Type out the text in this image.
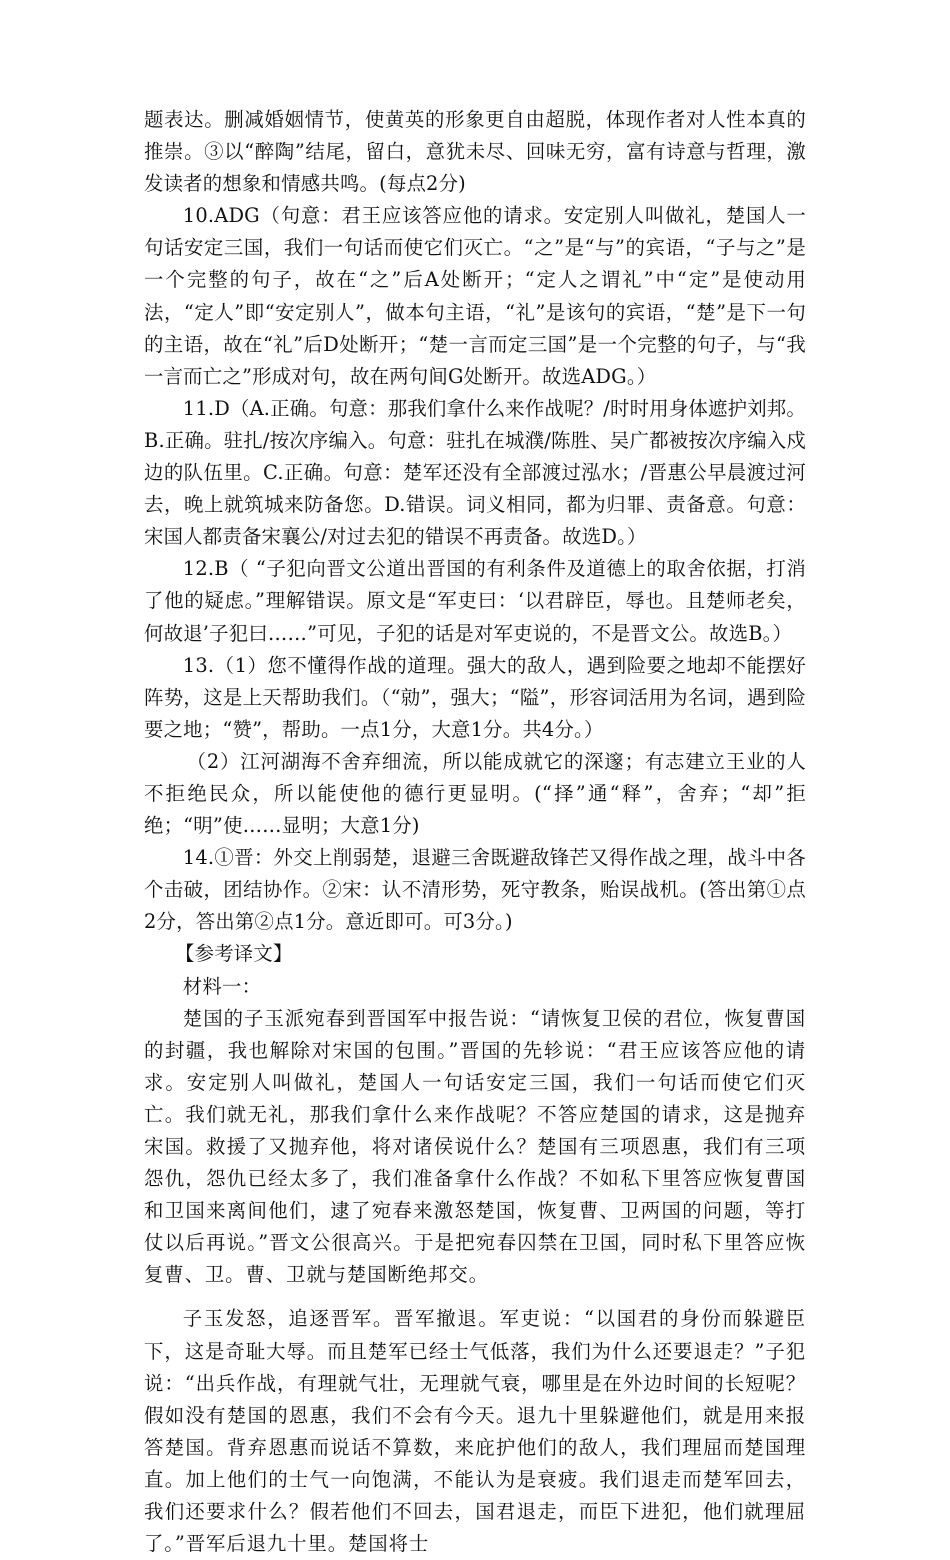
题表达。删减婚姻情节，使黄英的形象更自由超脱，体现作者对人性本真的推崇。③以“醉陶”结尾，留白，意犹未尽、回味无穷，富有诗意与哲理，激发读者的想象和情感共鸣。(每点2分)

10.ADG（句意：君王应该答应他的请求。安定别人叫做礼，楚国人一句话安定三国，我们一句话而使它们灭亡。“之”是“与”的宾语，“子与之”是一个完整的句子，故在“之”后A处断开；“定人之谓礼”中“定”是使动用法，“定人”即“安定别人”，做本句主语，“礼”是该句的宾语，“楚”是下一句的主语，故在“礼”后D处断开；“楚一言而定三国”是一个完整的句子，与“我一言而亡之”形成对句，故在两句间G处断开。故选ADG。）

11.D（A.正确。句意：那我们拿什么来作战呢？/时时用身体遮护刘邦。B.正确。驻扎/按次序编入。句意：驻扎在城濮/陈胜、吴广都被按次序编入戍边的队伍里。C.正确。句意：楚军还没有全部渡过泓水；/晋惠公早晨渡过河去，晚上就筑城来防备您。D.错误。词义相同，都为归罪、责备意。句意：宋国人都责备宋襄公/对过去犯的错误不再责备。故选D。）

12.B（ “子犯向晋文公道出晋国的有利条件及道德上的取舍依据，打消了他的疑虑。”理解错误。原文是“军吏曰：‘以君辟臣，辱也。且楚师老矣，何故退’子犯曰……”可见，子犯的话是对军吏说的，不是晋文公。故选B。）

13.（1）您不懂得作战的道理。强大的敌人，遇到险要之地却不能摆好阵势，这是上天帮助我们。（“勍”，强大；“隘”，形容词活用为名词，遇到险要之地；“赞”，帮助。一点1分，大意1分。共4分。）

（2）江河湖海不舍弃细流，所以能成就它的深邃；有志建立王业的人不拒绝民众，所以能使他的德行更显明。(“择”通“释”，舍弃；“却”拒绝；“明”使……显明；大意1分)

14.①晋：外交上削弱楚，退避三舍既避敌锋芒又得作战之理，战斗中各个击破，团结协作。②宋：认不清形势，死守教条，贻误战机。(答出第①点2分，答出第②点1分。意近即可。可3分。)

【参考译文】

材料一：

楚国的子玉派宛春到晋国军中报告说：“请恢复卫侯的君位，恢复曹国的封疆，我也解除对宋国的包围。”晋国的先轸说：“君王应该答应他的请求。安定别人叫做礼，楚国人一句话安定三国，我们一句话而使它们灭亡。我们就无礼，那我们拿什么来作战呢？不答应楚国的请求，这是抛弃宋国。救援了又抛弃他，将对诸侯说什么？楚国有三项恩惠，我们有三项怨仇，怨仇已经太多了，我们准备拿什么作战？不如私下里答应恢复曹国和卫国来离间他们，逮了宛春来激怒楚国，恢复曹、卫两国的问题，等打仗以后再说。”晋文公很高兴。于是把宛春囚禁在卫国，同时私下里答应恢复曹、卫。曹、卫就与楚国断绝邦交。

子玉发怒，追逐晋军。晋军撤退。军吏说：“以国君的身份而躲避臣下，这是奇耻大辱。而且楚军已经士气低落，我们为什么还要退走？”子犯说：“出兵作战，有理就气壮，无理就气衰，哪里是在外边时间的长短呢？假如没有楚国的恩惠，我们不会有今天。退九十里躲避他们，就是用来报答楚国。背弃恩惠而说话不算数，来庇护他们的敌人，我们理屈而楚国理直。加上他们的士气一向饱满，不能认为是衰疲。我们退走而楚军回去，我们还要求什么？假若他们不回去，国君退走，而臣下进犯，他们就理屈了。”晋军后退九十里。楚国将士
